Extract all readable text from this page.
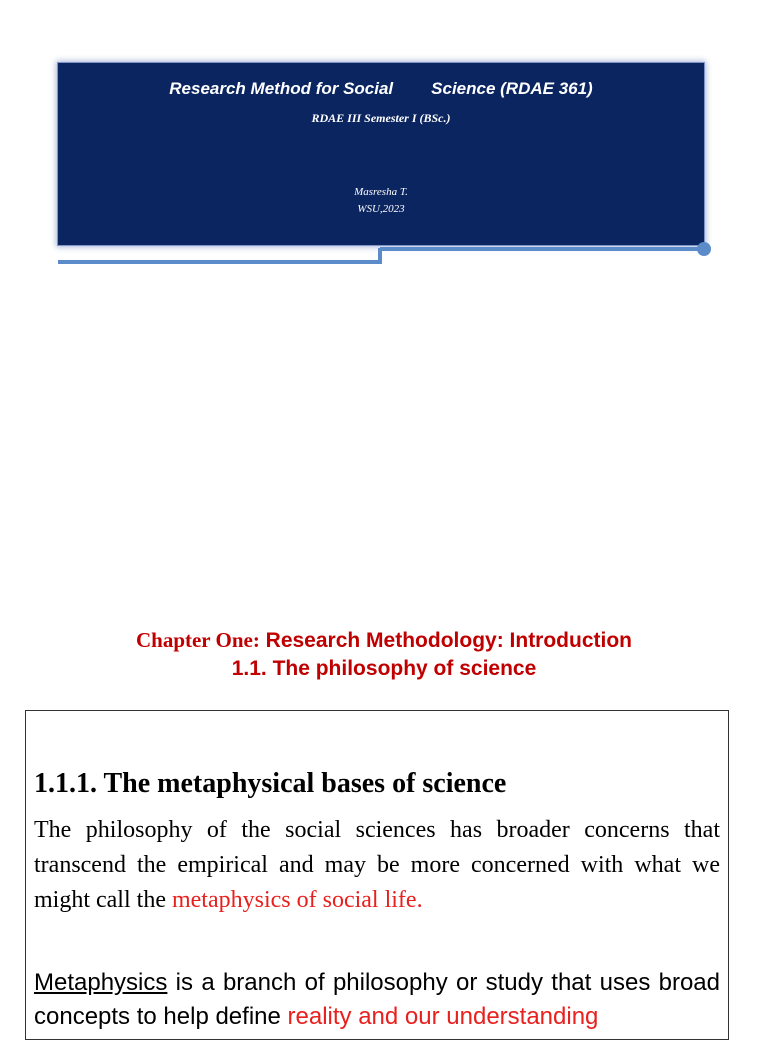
Research Method for Social Science (RDAE 361)
RDAE III Semester I (BSc.)
Masresha T.
WSU,2023
Chapter One: Research Methodology: Introduction
1.1. The philosophy of science
1.1.1. The metaphysical bases of science
The philosophy of the social sciences has broader concerns that transcend the empirical and may be more concerned with what we might call the metaphysics of social life.
Metaphysics is a branch of philosophy or study that uses broad concepts to help define reality and our understanding
